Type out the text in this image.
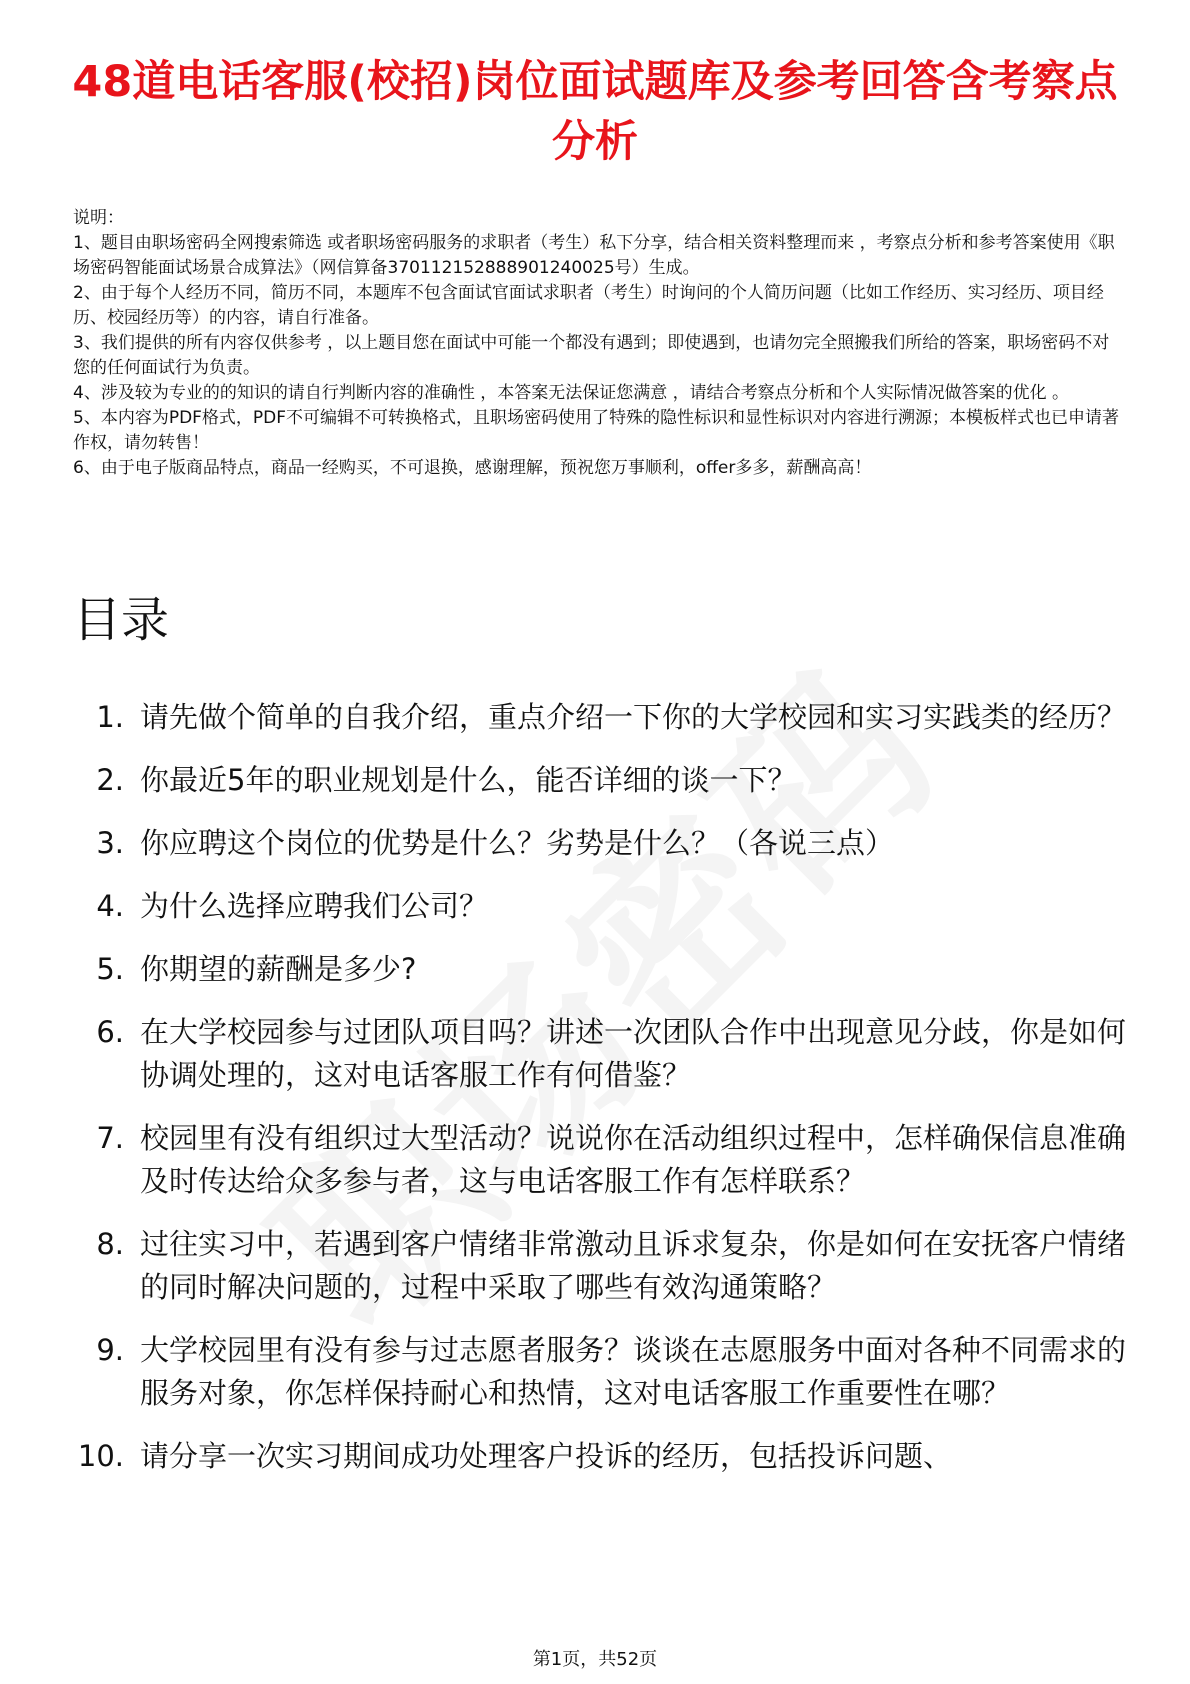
48道电话客服(校招)岗位面试题库及参考回答含考察点分析

说明：

1、题目由职场密码全网搜索筛选 或者职场密码服务的求职者（考生）私下分享，结合相关资料整理而来 ，考察点分析和参考答案使用《职场密码智能面试场景合成算法》（网信算备370112152888901240025号）生成。

2、由于每个人经历不同，简历不同，本题库不包含面试官面试求职者（考生）时询问的个人简历问题（比如工作经历、实习经历、项目经历、校园经历等）的内容，请自行准备。

3、我们提供的所有内容仅供参考 ，以上题目您在面试中可能一个都没有遇到；即使遇到，也请勿完全照搬我们所给的答案，职场密码不对您的任何面试行为负责。

4、涉及较为专业的的知识的请自行判断内容的准确性 ，本答案无法保证您满意 ，请结合考察点分析和个人实际情况做答案的优化 。

5、本内容为PDF格式，PDF不可编辑不可转换格式，且职场密码使用了特殊的隐性标识和显性标识对内容进行溯源；本模板样式也已申请著作权，请勿转售！

6、由于电子版商品特点，商品一经购买，不可退换，感谢理解，预祝您万事顺利，offer多多，薪酬高高！

目录
1. 请先做个简单的自我介绍，重点介绍一下你的大学校园和实习实践类的经历？
2. 你最近5年的职业规划是什么，能否详细的谈一下？
3. 你应聘这个岗位的优势是什么？劣势是什么？（各说三点）
4. 为什么选择应聘我们公司？
5. 你期望的薪酬是多少?
6. 在大学校园参与过团队项目吗？讲述一次团队合作中出现意见分歧，你是如何协调处理的，这对电话客服工作有何借鉴？
7. 校园里有没有组织过大型活动？说说你在活动组织过程中，怎样确保信息准确及时传达给众多参与者，这与电话客服工作有怎样联系？
8. 过往实习中，若遇到客户情绪非常激动且诉求复杂，你是如何在安抚客户情绪的同时解决问题的，过程中采取了哪些有效沟通策略？
9. 大学校园里有没有参与过志愿者服务？谈谈在志愿服务中面对各种不同需求的服务对象，你怎样保持耐心和热情，这对电话客服工作重要性在哪？
10. 请分享一次实习期间成功处理客户投诉的经历，包括投诉问题、
第1页，共52页
